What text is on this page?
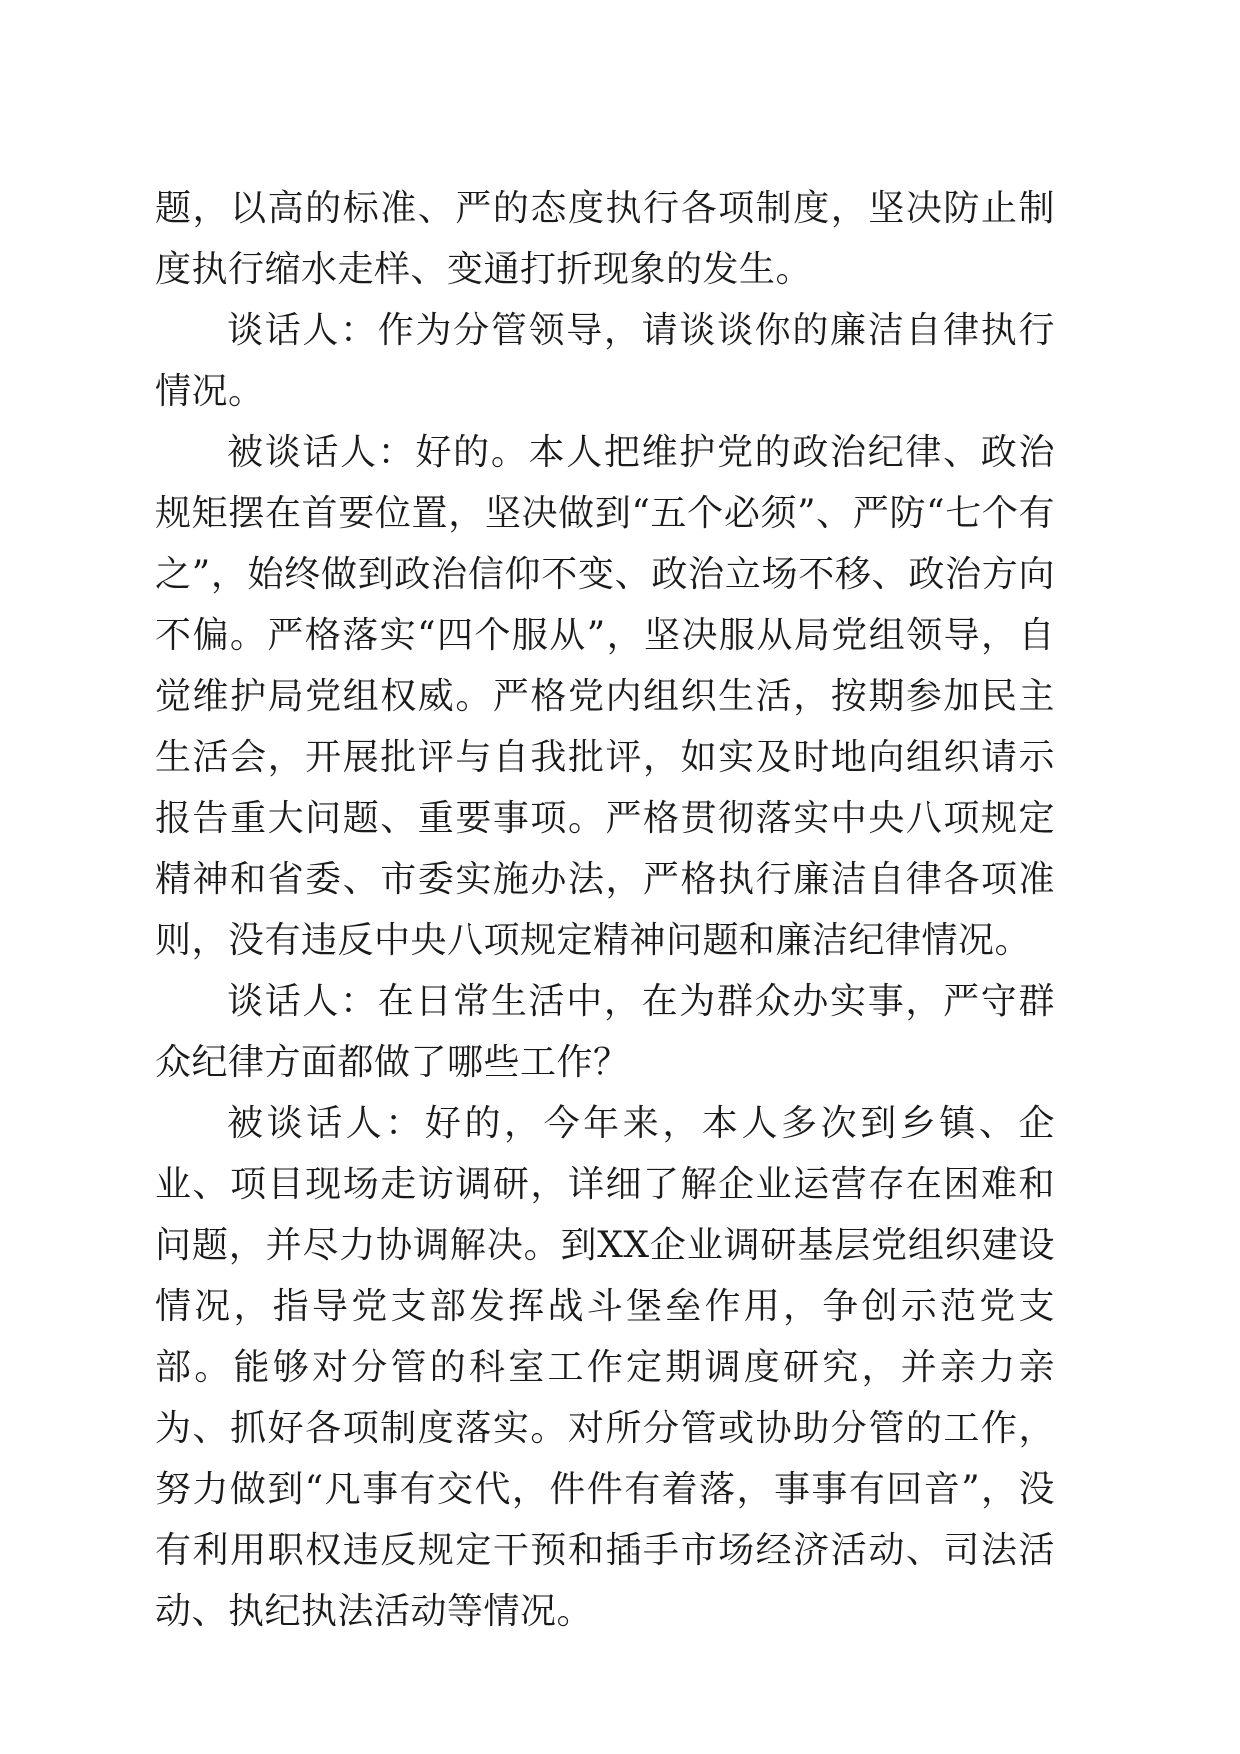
题，以高的标准、严的态度执行各项制度，坚决防止制度执行缩水走样、变通打折现象的发生。

谈话人：作为分管领导，请谈谈你的廉洁自律执行情况。

被谈话人：好的。本人把维护党的政治纪律、政治规矩摆在首要位置，坚决做到“五个必须”、严防“七个有之”，始终做到政治信仰不变、政治立场不移、政治方向不偏。严格落实“四个服从”，坚决服从局党组领导，自觉维护局党组权威。严格党内组织生活，按期参加民主生活会，开展批评与自我批评，如实及时地向组织请示报告重大问题、重要事项。严格贯彻落实中央八项规定精神和省委、市委实施办法，严格执行廉洁自律各项准则，没有违反中央八项规定精神问题和廉洁纪律情况。

谈话人：在日常生活中，在为群众办实事，严守群众纪律方面都做了哪些工作？

被谈话人：好的，今年来，本人多次到乡镇、企业、项目现场走访调研，详细了解企业运营存在困难和问题，并尽力协调解决。到XX企业调研基层党组织建设情况，指导党支部发挥战斗堡垒作用，争创示范党支部。能够对分管的科室工作定期调度研究，并亲力亲为、抓好各项制度落实。对所分管或协助分管的工作，努力做到“凡事有交代，件件有着落，事事有回音”，没有利用职权违反规定干预和插手市场经济活动、司法活动、执纪执法活动等情况。
